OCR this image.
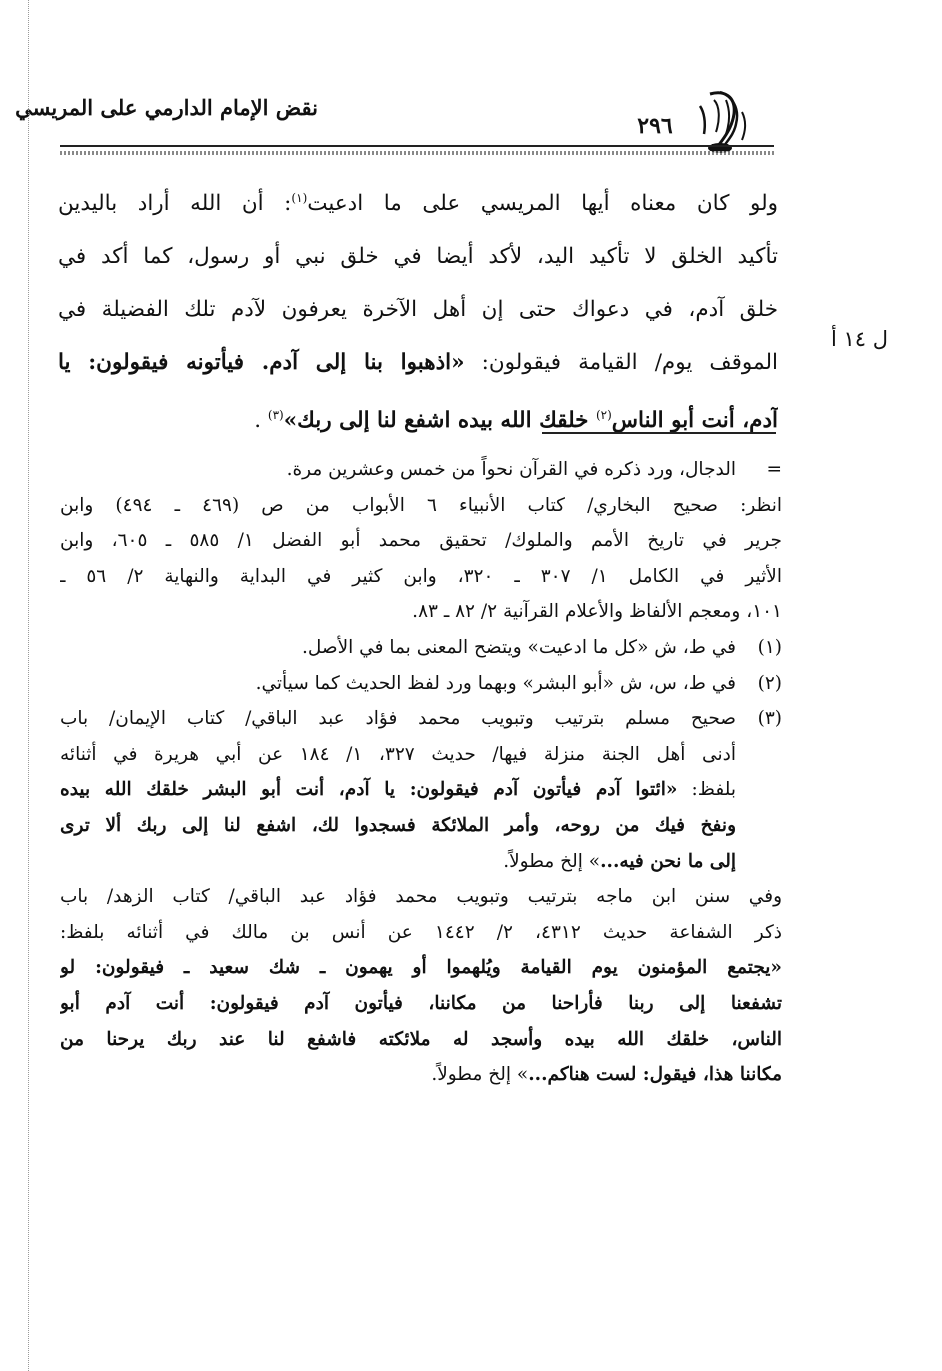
نقض الإمام الدارمي على المريسي
٢٩٦
ل ١٤ أ
ولو كان معناه أيها المريسي على ما ادعيت$^{(١)}$: أن الله أراد باليدين
تأكيد الخلق لا تأكيد اليد، لأكد أيضا في خلق نبي أو رسول، كما أكد في
خلق آدم، في دعواك حتى إن أهل الآخرة يعرفون لآدم تلك الفضيلة في
الموقف يوم/ القيامة فيقولون: «اذهبوا بنا إلى آدم. فيأتونه فيقولون: يا
آدم، أنت أبو الناس$^{(٢)}$ خلقك الله بيده اشفع لنا إلى ربك»$^{(٣)}$ .
=الدجال، ورد ذكره في القرآن نحواً من خمس وعشرين مرة.
انظر: صحيح البخاري/ كتاب الأنبياء ٦ الأبواب من ص (٤٦٩ ـ ٤٩٤) وابن
جرير في تاريخ الأمم والملوك/ تحقيق محمد أبو الفضل ١/ ٥٨٥ ـ ٦٠٥، وابن
الأثير في الكامل ١/ ٣٠٧ ـ ٣٢٠، وابن كثير في البداية والنهاية ٢/ ٥٦ ـ
١٠١، ومعجم الألفاظ والأعلام القرآنية ٢/ ٨٢ ـ ٨٣.
(١)في ط، ش «كل ما ادعيت» ويتضح المعنى بما في الأصل.
(٢)في ط، س، ش «أبو البشر» وبهما ورد لفظ الحديث كما سيأتي.
(٣)صحيح مسلم بترتيب وتبويب محمد فؤاد عبد الباقي/ كتاب الإيمان/ باب
أدنى أهل الجنة منزلة فيها/ حديث ٣٢٧، ١/ ١٨٤ عن أبي هريرة في أثنائه
بلفظ: «ائتوا آدم فيأتون آدم فيقولون: يا آدم، أنت أبو البشر خلقك الله بيده
ونفخ فيك من روحه، وأمر الملائكة فسجدوا لك، اشفع لنا إلى ربك ألا ترى
إلى ما نحن فيه...» إلخ مطولاً.
وفي سنن ابن ماجه بترتيب وتبويب محمد فؤاد عبد الباقي/ كتاب الزهد/ باب
ذكر الشفاعة حديث ٤٣١٢، ٢/ ١٤٤٢ عن أنس بن مالك في أثنائه بلفظ:
«يجتمع المؤمنون يوم القيامة ويُلهموا أو يهمون ـ شك سعيد ـ فيقولون: لو
تشفعنا إلى ربنا فأراحنا من مكاننا، فيأتون آدم فيقولون: أنت آدم أبو
الناس، خلقك الله بيده وأسجد له ملائكته فاشفع لنا عند ربك يرحنا من
مكاننا هذا، فيقول: لست هناكم...» إلخ مطولاً.
